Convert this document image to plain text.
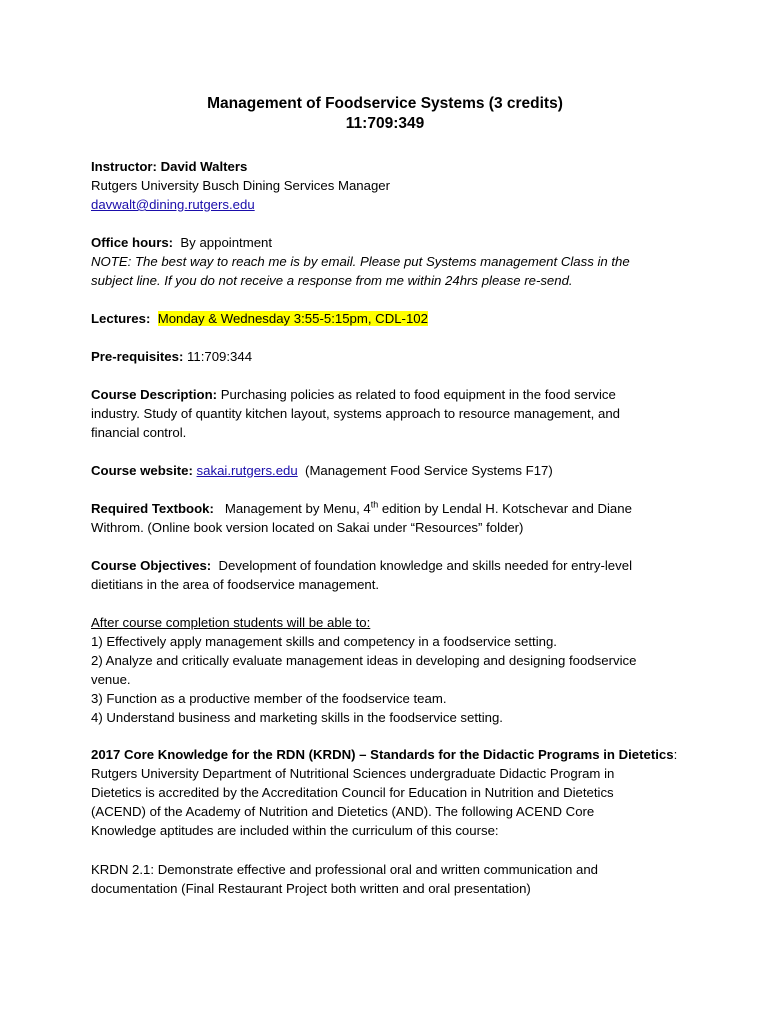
Management of Foodservice Systems (3 credits)
11:709:349

Instructor: David Walters

Rutgers University Busch Dining Services Manager

davwalt@dining.rutgers.edu

Office hours: By appointment

NOTE: The best way to reach me is by email. Please put Systems management Class in the

subject line. If you do not receive a response from me within 24hrs please re-send.

Lectures: Monday & Wednesday 3:55-5:15pm, CDL-102

Pre-requisites: 11:709:344

Course Description: Purchasing policies as related to food equipment in the food service

industry. Study of quantity kitchen layout, systems approach to resource management, and

financial control.

Course website: sakai.rutgers.edu (Management Food Service Systems F17)

Required Textbook: Management by Menu, 4th edition by Lendal H. Kotschevar and Diane

Withrom. (Online book version located on Sakai under “Resources” folder)

Course Objectives: Development of foundation knowledge and skills needed for entry-level

dietitians in the area of foodservice management.

After course completion students will be able to:

1) Effectively apply management skills and competency in a foodservice setting.

2) Analyze and critically evaluate management ideas in developing and designing foodservice

venue.

3) Function as a productive member of the foodservice team.

4) Understand business and marketing skills in the foodservice setting.

2017 Core Knowledge for the RDN (KRDN) – Standards for the Didactic Programs in Dietetics:

Rutgers University Department of Nutritional Sciences undergraduate Didactic Program in

Dietetics is accredited by the Accreditation Council for Education in Nutrition and Dietetics

(ACEND) of the Academy of Nutrition and Dietetics (AND). The following ACEND Core

Knowledge aptitudes are included within the curriculum of this course:

KRDN 2.1: Demonstrate effective and professional oral and written communication and

documentation (Final Restaurant Project both written and oral presentation)
